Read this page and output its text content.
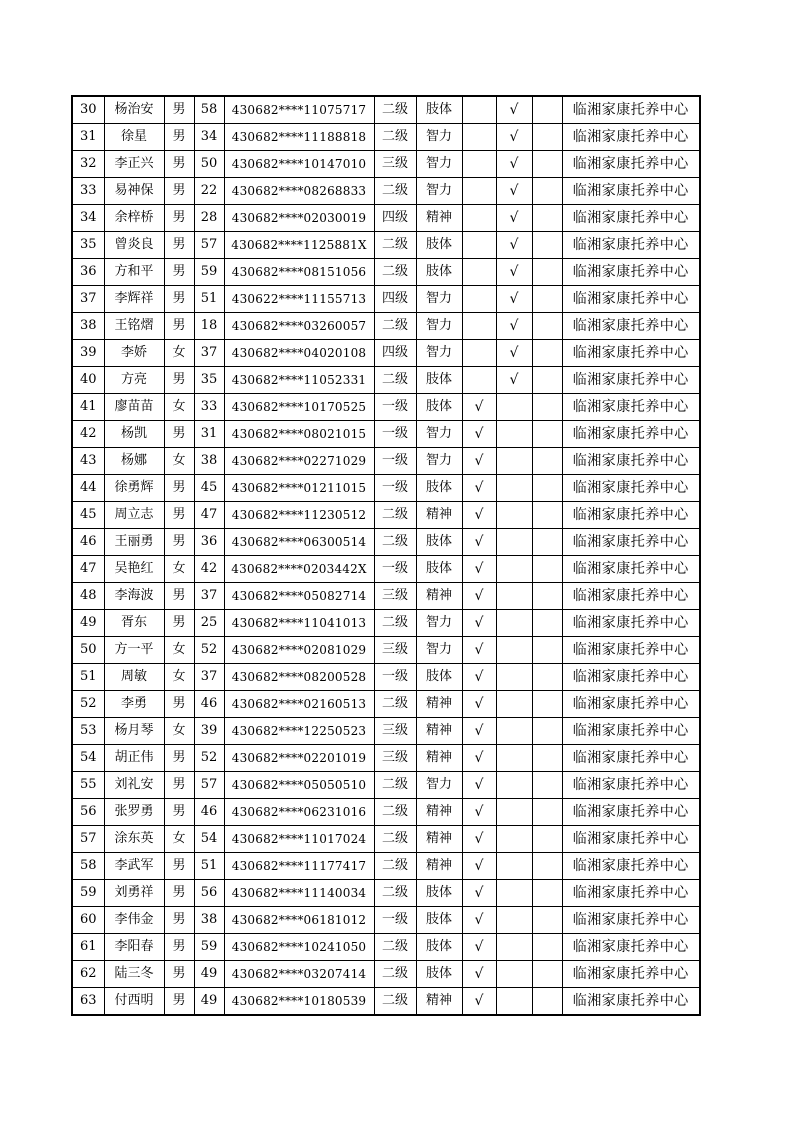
30	杨治安	男	58	430682****11075717	二级	肢体		√		临湘家康托养中心
31	徐星	男	34	430682****11188818	二级	智力		√		临湘家康托养中心
32	李正兴	男	50	430682****10147010	三级	智力		√		临湘家康托养中心
33	易神保	男	22	430682****08268833	二级	智力		√		临湘家康托养中心
34	余梓桥	男	28	430682****02030019	四级	精神		√		临湘家康托养中心
35	曾炎良	男	57	430682****1125881X	二级	肢体		√		临湘家康托养中心
36	方和平	男	59	430682****08151056	二级	肢体		√		临湘家康托养中心
37	李辉祥	男	51	430622****11155713	四级	智力		√		临湘家康托养中心
38	王铭熠	男	18	430682****03260057	二级	智力		√		临湘家康托养中心
39	李娇	女	37	430682****04020108	四级	智力		√		临湘家康托养中心
40	方亮	男	35	430682****11052331	二级	肢体		√		临湘家康托养中心
41	廖苗苗	女	33	430682****10170525	一级	肢体	√			临湘家康托养中心
42	杨凯	男	31	430682****08021015	一级	智力	√			临湘家康托养中心
43	杨娜	女	38	430682****02271029	一级	智力	√			临湘家康托养中心
44	徐勇辉	男	45	430682****01211015	一级	肢体	√			临湘家康托养中心
45	周立志	男	47	430682****11230512	二级	精神	√			临湘家康托养中心
46	王丽勇	男	36	430682****06300514	二级	肢体	√			临湘家康托养中心
47	吴艳红	女	42	430682****0203442X	一级	肢体	√			临湘家康托养中心
48	李海波	男	37	430682****05082714	三级	精神	√			临湘家康托养中心
49	胥东	男	25	430682****11041013	二级	智力	√			临湘家康托养中心
50	方一平	女	52	430682****02081029	三级	智力	√			临湘家康托养中心
51	周敏	女	37	430682****08200528	一级	肢体	√			临湘家康托养中心
52	李勇	男	46	430682****02160513	二级	精神	√			临湘家康托养中心
53	杨月琴	女	39	430682****12250523	三级	精神	√			临湘家康托养中心
54	胡正伟	男	52	430682****02201019	三级	精神	√			临湘家康托养中心
55	刘礼安	男	57	430682****05050510	二级	智力	√			临湘家康托养中心
56	张罗勇	男	46	430682****06231016	二级	精神	√			临湘家康托养中心
57	涂东英	女	54	430682****11017024	二级	精神	√			临湘家康托养中心
58	李武军	男	51	430682****11177417	二级	精神	√			临湘家康托养中心
59	刘勇祥	男	56	430682****11140034	二级	肢体	√			临湘家康托养中心
60	李伟金	男	38	430682****06181012	一级	肢体	√			临湘家康托养中心
61	李阳春	男	59	430682****10241050	二级	肢体	√			临湘家康托养中心
62	陆三冬	男	49	430682****03207414	二级	肢体	√			临湘家康托养中心
63	付西明	男	49	430682****10180539	二级	精神	√			临湘家康托养中心
